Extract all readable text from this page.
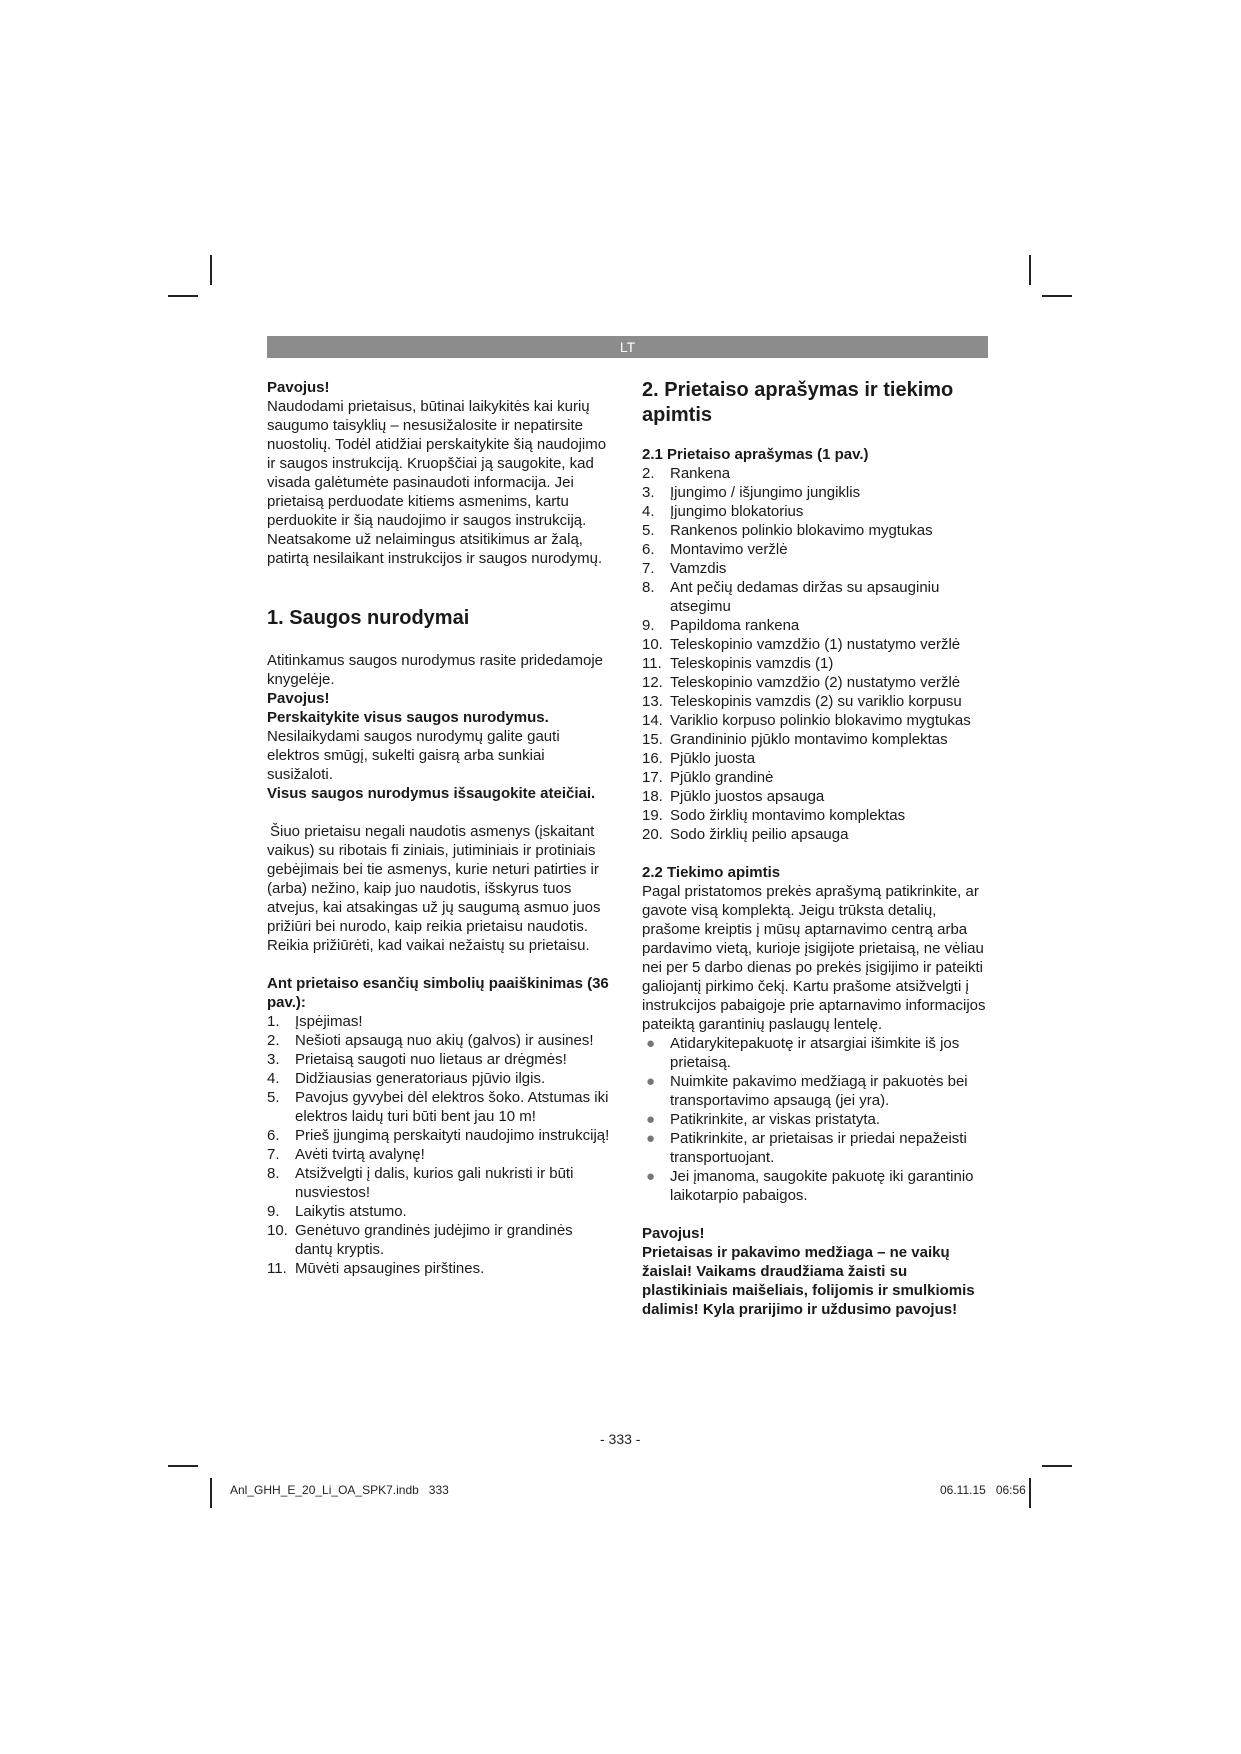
LT

Pavojus!

Naudodami prietaisus, būtinai laikykitės kai kurių saugumo taisyklių – nesusižalosite ir nepatirsite nuostolių. Todėl atidžiai perskaitykite šią naudojimo ir saugos instrukciją. Kruopščiai ją saugokite, kad visada galėtumėte pasinaudoti informacija. Jei prietaisą perduodate kitiems asmenims, kartu perduokite ir šią naudojimo ir saugos instrukciją. Neatsakome už nelaimingus atsitikimus ar žalą, patirtą nesilaikant instrukcijos ir saugos nurodymų.

1. Saugos nurodymai

Atitinkamus saugos nurodymus rasite pridedamoje knygelėje.

Pavojus!

Perskaitykite visus saugos nurodymus. Nesilaikydami saugos nurodymų galite gauti elektros smūgį, sukelti gaisrą arba sunkiai susižaloti.

Visus saugos nurodymus išsaugokite ateičiai.

Šiuo prietaisu negali naudotis asmenys (įskaitant vaikus) su ribotais fi ziniais, jutiminiais ir protiniais gebėjimais bei tie asmenys, kurie neturi patirties ir (arba) nežino, kaip juo naudotis, išskyrus tuos atvejus, kai atsakingas už jų saugumą asmuo juos prižiūri bei nurodo, kaip reikia prietaisu naudotis. Reikia prižiūrėti, kad vaikai nežaistų su prietaisu.

Ant prietaiso esančių simbolių paaiškinimas (36 pav.):

1. Įspėjimas!
2. Nešioti apsaugą nuo akių (galvos) ir ausines!
3. Prietaisą saugoti nuo lietaus ar drėgmės!
4. Didžiausias generatoriaus pjūvio ilgis.
5. Pavojus gyvybei dėl elektros šoko. Atstumas iki elektros laidų turi būti bent jau 10 m!
6. Prieš įjungimą perskaityti naudojimo instrukciją!
7. Avėti tvirtą avalynę!
8. Atsižvelgti į dalis, kurios gali nukristi ir būti nusviestos!
9. Laikytis atstumo.
10. Genėtuvo grandinės judėjimo ir grandinės dantų kryptis.
11. Mūvėti apsaugines pirštines.

2. Prietaiso aprašymas ir tiekimo apimtis

2.1 Prietaiso aprašymas (1 pav.)

2. Rankena
3. Įjungimo / išjungimo jungiklis
4. Įjungimo blokatorius
5. Rankenos polinkio blokavimo mygtukas
6. Montavimo veržlė
7. Vamzdis
8. Ant pečių dedamas diržas su apsauginiu atsegimu
9. Papildoma rankena
10. Teleskopinio vamzdžio (1) nustatymo veržlė
11. Teleskopinis vamzdis (1)
12. Teleskopinio vamzdžio (2) nustatymo veržlė
13. Teleskopinis vamzdis (2) su variklio korpusu
14. Variklio korpuso polinkio blokavimo mygtukas
15. Grandininio pjūklo montavimo komplektas
16. Pjūklo juosta
17. Pjūklo grandinė
18. Pjūklo juostos apsauga
19. Sodo žirklių montavimo komplektas
20. Sodo žirklių peilio apsauga

2.2 Tiekimo apimtis

Pagal pristatomos prekės aprašymą patikrinkite, ar gavote visą komplektą. Jeigu trūksta detalių, prašome kreiptis į mūsų aptarnavimo centrą arba pardavimo vietą, kurioje įsigijote prietaisą, ne vėliau nei per 5 darbo dienas po prekės įsigijimo ir pateikti galiojantį pirkimo čekį. Kartu prašome atsižvelgti į instrukcijos pabaigoje prie aptarnavimo informacijos pateiktą garantinių paslaugų lentelę.

● Atidarykitepakuotę ir atsargiai išimkite iš jos prietaisą.
● Nuimkite pakavimo medžiagą ir pakuotės bei transportavimo apsaugą (jei yra).
● Patikrinkite, ar viskas pristatyta.
● Patikrinkite, ar prietaisas ir priedai nepažeisti transportuojant.
● Jei įmanoma, saugokite pakuotę iki garantinio laikotarpio pabaigos.

Pavojus!

Prietaisas ir pakavimo medžiaga – ne vaikų žaislai! Vaikams draudžiama žaisti su plastikiniais maišeliais, folijomis ir smulkiomis dalimis! Kyla prarijimo ir uždusimo pavojus!

- 333 -
Anl_GHH_E_20_Li_OA_SPK7.indb   333	06.11.15   06:56
